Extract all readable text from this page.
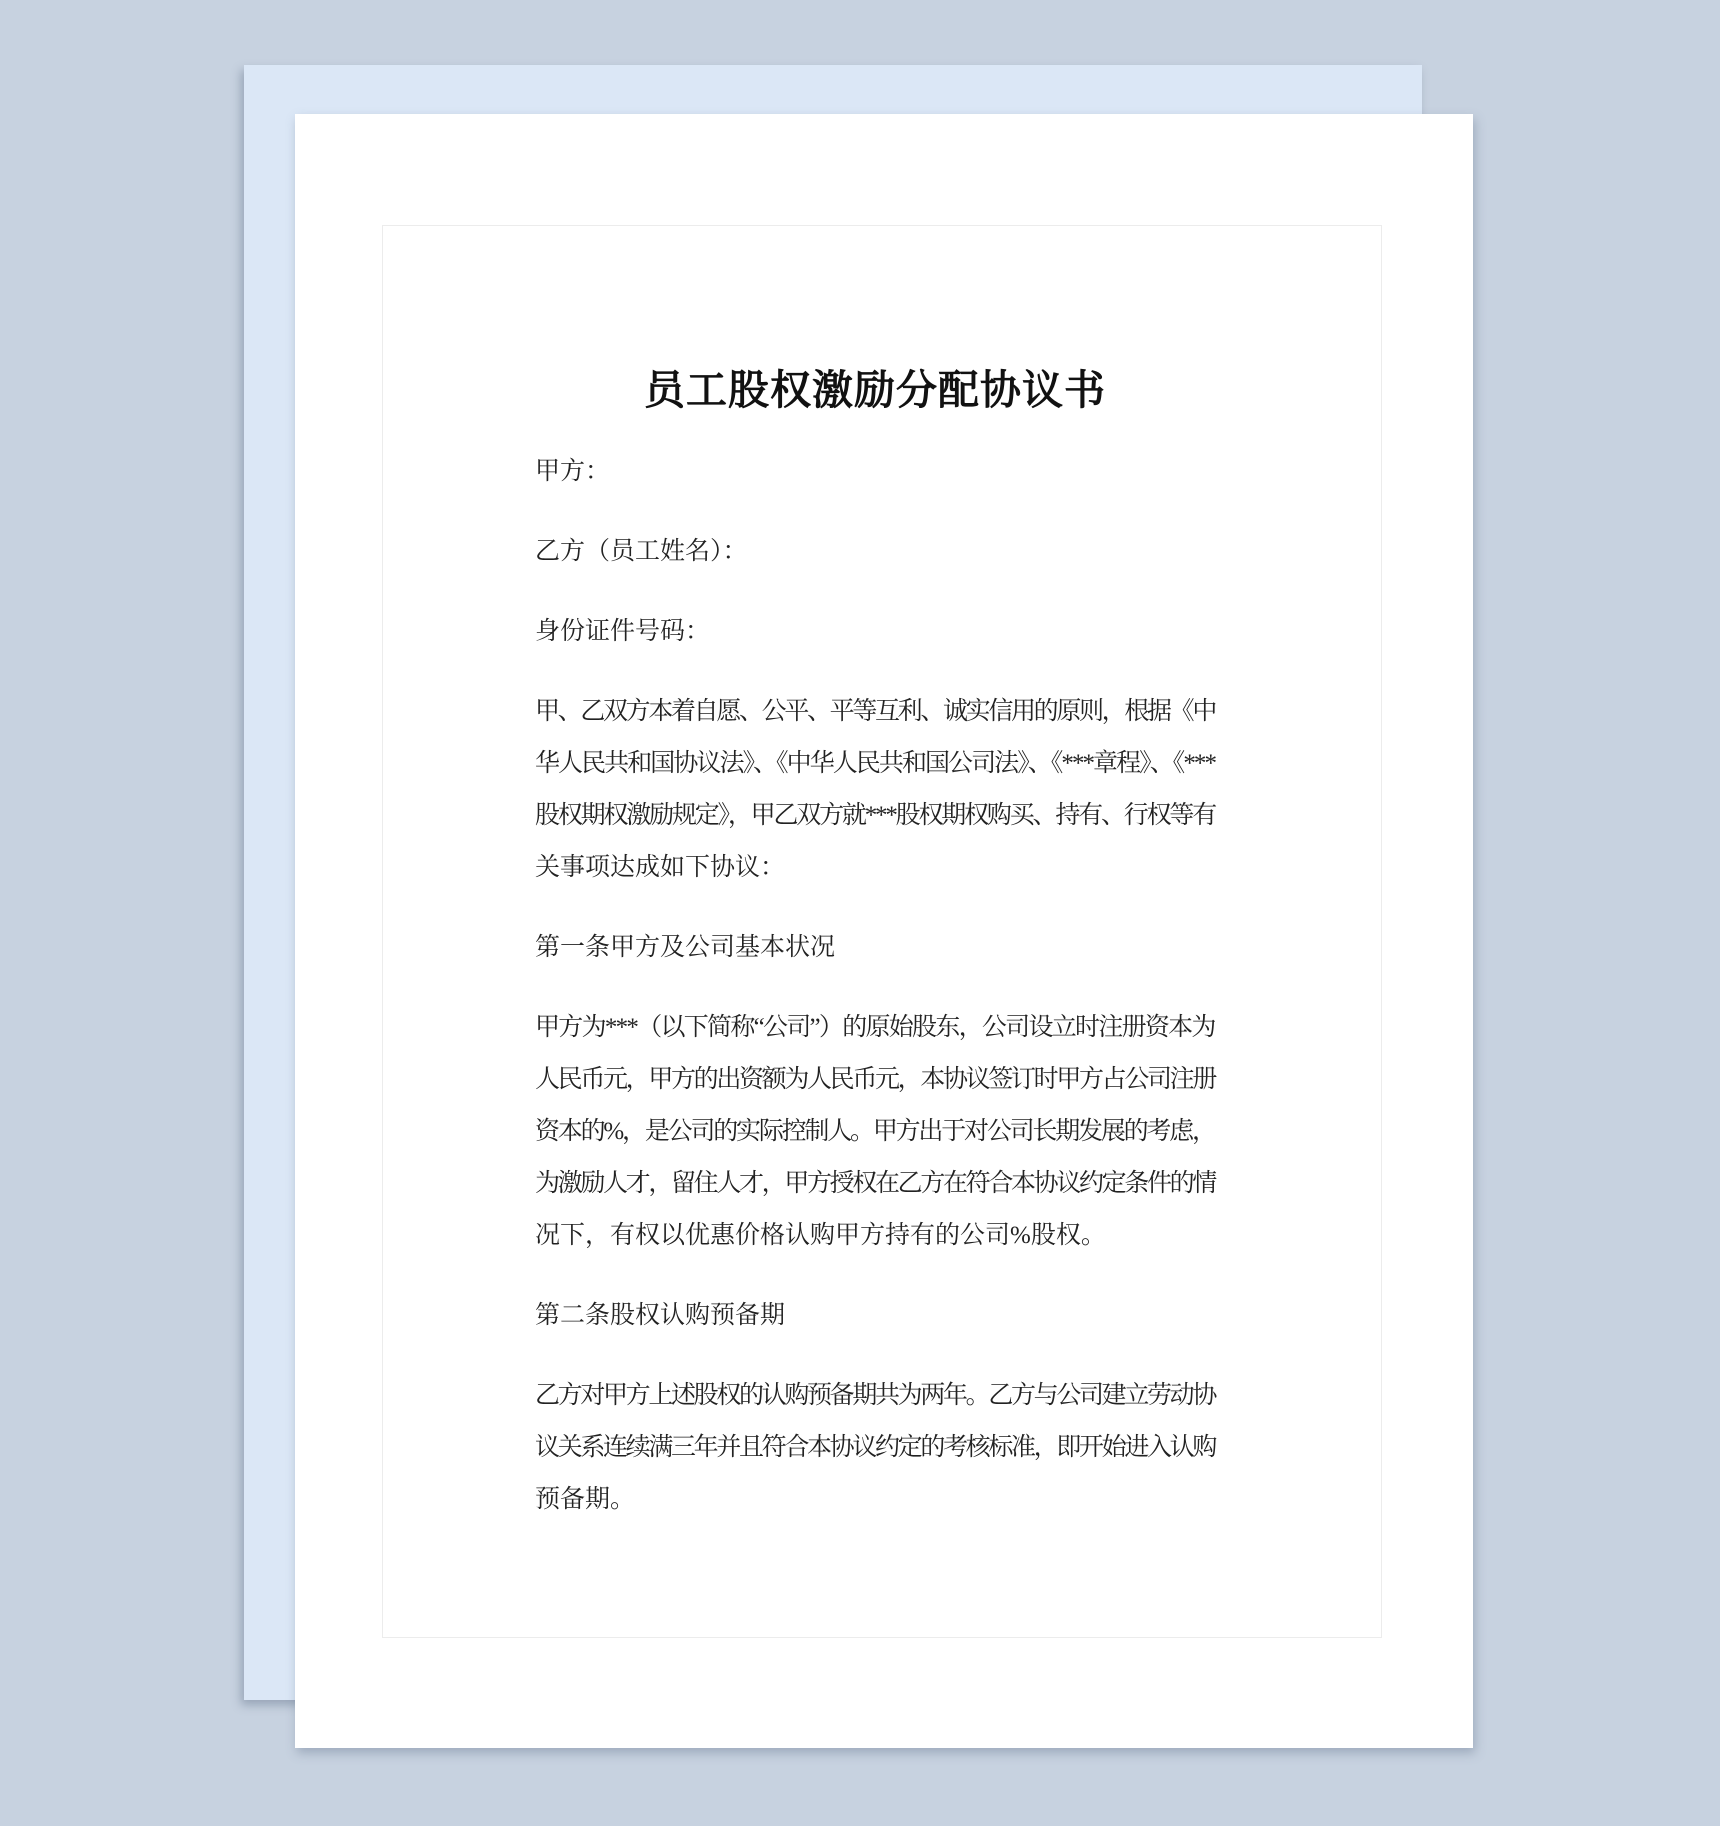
员工股权激励分配协议书
甲方：
乙方（员工姓名）：
身份证件号码：
甲、乙双方本着自愿、公平、平等互利、诚实信用的原则，根据《中
华人民共和国协议法》、《中华人民共和国公司法》、《***章程》、《***
股权期权激励规定》，甲乙双方就***股权期权购买、持有、行权等有
关事项达成如下协议：
第一条甲方及公司基本状况
甲方为***（以下简称“公司”）的原始股东，公司设立时注册资本为
人民币元，甲方的出资额为人民币元，本协议签订时甲方占公司注册
资本的%，是公司的实际控制人。甲方出于对公司长期发展的考虑，
为激励人才，留住人才，甲方授权在乙方在符合本协议约定条件的情
况下，有权以优惠价格认购甲方持有的公司%股权。
第二条股权认购预备期
乙方对甲方上述股权的认购预备期共为两年。乙方与公司建立劳动协
议关系连续满三年并且符合本协议约定的考核标准，即开始进入认购
预备期。
